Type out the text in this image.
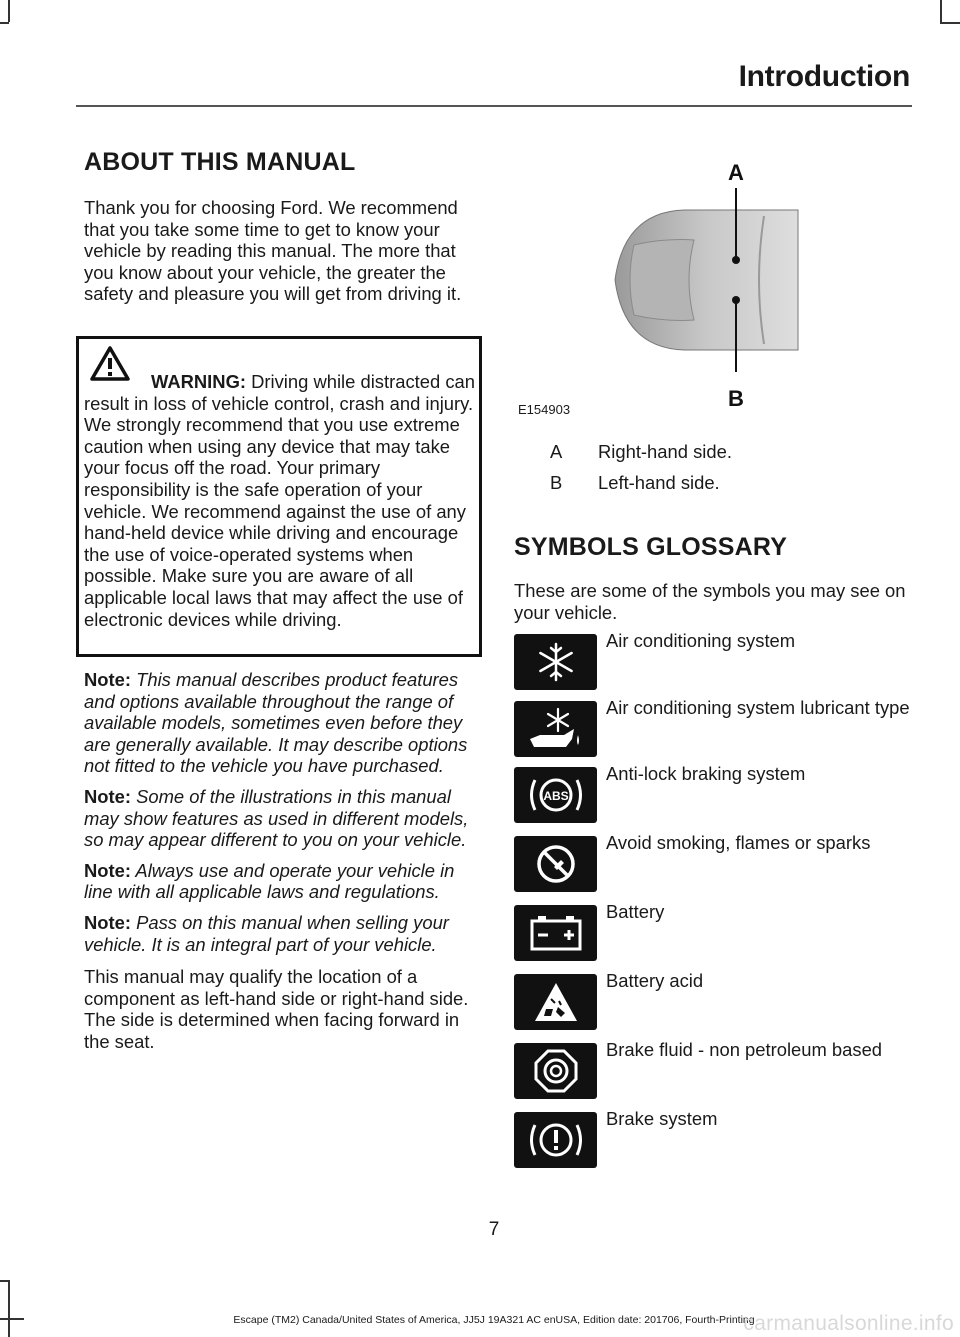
Introduction
ABOUT THIS MANUAL
Thank you for choosing Ford. We recommend that you take some time to get to know your vehicle by reading this manual. The more that you know about your vehicle, the greater the safety and pleasure you will get from driving it.
WARNING: Driving while distracted can result in loss of vehicle control, crash and injury. We strongly recommend that you use extreme caution when using any device that may take your focus off the road. Your primary responsibility is the safe operation of your vehicle. We recommend against the use of any hand-held device while driving and encourage the use of voice-operated systems when possible. Make sure you are aware of all applicable local laws that may affect the use of electronic devices while driving.
Note: This manual describes product features and options available throughout the range of available models, sometimes even before they are generally available. It may describe options not fitted to the vehicle you have purchased.
Note: Some of the illustrations in this manual may show features as used in different models, so may appear different to you on your vehicle.
Note: Always use and operate your vehicle in line with all applicable laws and regulations.
Note: Pass on this manual when selling your vehicle. It is an integral part of your vehicle.
This manual may qualify the location of a component as left-hand side or right-hand side. The side is determined when facing forward in the seat.
A
B
E154903
A	Right-hand side.
B	Left-hand side.
SYMBOLS GLOSSARY
These are some of the symbols you may see on your vehicle.
Air conditioning system
Air conditioning system lubricant type
ABS
Anti-lock braking system
Avoid smoking, flames or sparks
Battery
Battery acid
Brake fluid - non petroleum based
Brake system
7
Escape (TM2) Canada/United States of America, JJ5J 19A321 AC enUSA, Edition date: 201706, Fourth-Printing
carmanualsonline.info
